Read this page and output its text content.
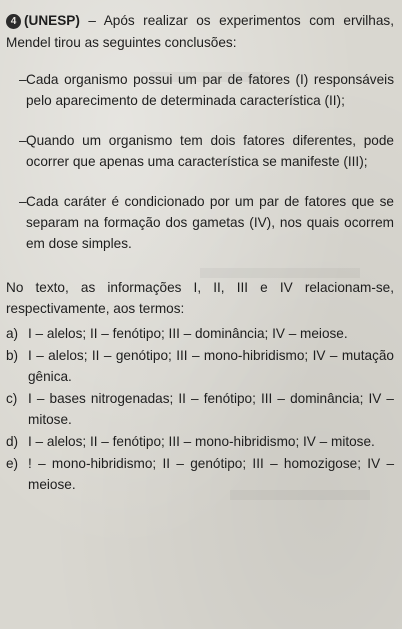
4 (UNESP) – Após realizar os experimentos com ervilhas, Mendel tirou as seguintes conclusões:

– Cada organismo possui um par de fatores (I) responsáveis pelo aparecimento de determinada característica (II);
– Quando um organismo tem dois fatores diferentes, pode ocorrer que apenas uma característica se manifeste (III);
– Cada caráter é condicionado por um par de fatores que se separam na formação dos gametas (IV), nos quais ocorrem em dose simples.

No texto, as informações I, II, III e IV relacionam-se, respectivamente, aos termos:

a) I – alelos; II – fenótipo; III – dominância; IV – meiose.
b) I – alelos; II – genótipo; III – mono-hibridismo; IV – mutação gênica.
c) I – bases nitrogenadas; II – fenótipo; III – dominância; IV – mitose.
d) I – alelos; II – fenótipo; III – mono-hibridismo; IV – mitose.
e) ! – mono-hibridismo; II – genótipo; III – homozigose; IV – meiose.
